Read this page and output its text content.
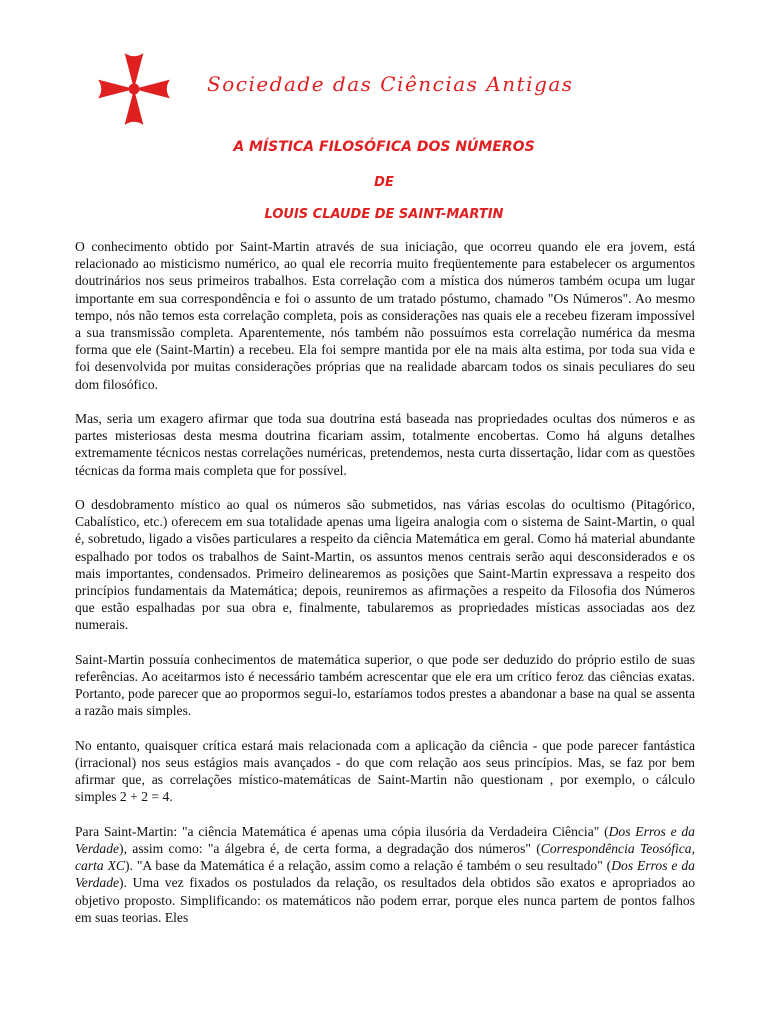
Sociedade das Ciências Antigas
A MÍSTICA FILOSÓFICA DOS NÚMEROS
DE
LOUIS CLAUDE DE SAINT-MARTIN

O conhecimento obtido por Saint-Martin através de sua iniciação, que ocorreu quando ele era jovem, está relacionado ao misticismo numérico, ao qual ele recorria muito freqüentemente para estabelecer os argumentos doutrinários nos seus primeiros trabalhos. Esta correlação com a mística dos números também ocupa um lugar importante em sua correspondência e foi o assunto de um tratado póstumo, chamado "Os Números". Ao mesmo tempo, nós não temos esta correlação completa, pois as considerações nas quais ele a recebeu fizeram impossível a sua transmissão completa. Aparentemente, nós também não possuímos esta correlação numérica da mesma forma que ele (Saint-Martin) a recebeu. Ela foi sempre mantida por ele na mais alta estima, por toda sua vida e foi desenvolvida por muitas considerações próprias que na realidade abarcam todos os sinais peculiares do seu dom filosófico.

Mas, seria um exagero afirmar que toda sua doutrina está baseada nas propriedades ocultas dos números e as partes misteriosas desta mesma doutrina ficariam assim, totalmente encobertas. Como há alguns detalhes extremamente técnicos nestas correlações numéricas, pretendemos, nesta curta dissertação, lidar com as questões técnicas da forma mais completa que for possível.

O desdobramento místico ao qual os números são submetidos, nas várias escolas do ocultismo (Pitagórico, Cabalístico, etc.) oferecem em sua totalidade apenas uma ligeira analogia com o sistema de Saint-Martin, o qual é, sobretudo, ligado a visões particulares a respeito da ciência Matemática em geral. Como há material abundante espalhado por todos os trabalhos de Saint-Martin, os assuntos menos centrais serão aqui desconsiderados e os mais importantes, condensados. Primeiro delinearemos as posições que Saint-Martin expressava a respeito dos princípios fundamentais da Matemática; depois, reuniremos as afirmações a respeito da Filosofia dos Números que estão espalhadas por sua obra e, finalmente, tabularemos as propriedades místicas associadas aos dez numerais.

Saint-Martin possuía conhecimentos de matemática superior, o que pode ser deduzido do próprio estilo de suas referências. Ao aceitarmos isto é necessário também acrescentar que ele era um crítico feroz das ciências exatas. Portanto, pode parecer que ao propormos segui-lo, estaríamos todos prestes a abandonar a base na qual se assenta a razão mais simples.

No entanto, quaisquer crítica estará mais relacionada com a aplicação da ciência - que pode parecer fantástica (irracional) nos seus estágios mais avançados - do que com relação aos seus princípios. Mas, se faz por bem afirmar que, as correlações místico-matemáticas de Saint-Martin não questionam , por exemplo, o cálculo simples 2 + 2 = 4.

Para Saint-Martin: "a ciência Matemática é apenas uma cópia ilusória da Verdadeira Ciência" (Dos Erros e da Verdade), assim como: "a álgebra é, de certa forma, a degradação dos números" (Correspondência Teosófica, carta XC). "A base da Matemática é a relação, assim como a relação é também o seu resultado" (Dos Erros e da Verdade). Uma vez fixados os postulados da relação, os resultados dela obtidos são exatos e apropriados ao objetivo proposto. Simplificando: os matemáticos não podem errar, porque eles nunca partem de pontos falhos em suas teorias. Eles
